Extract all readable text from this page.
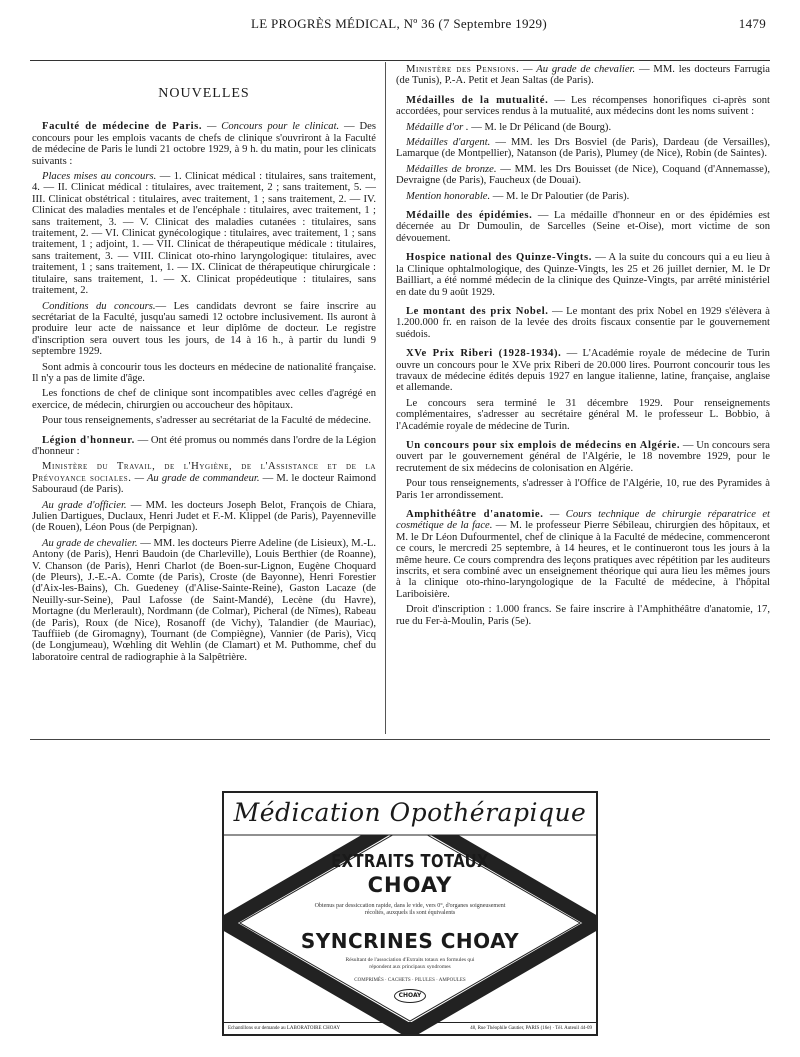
LE PROGRÈS MÉDICAL, Nº 36 (7 Septembre 1929)	1479
NOUVELLES

Faculté de médecine de Paris. — Concours pour le clinicat. — Des concours pour les emplois vacants de chefs de clinique s'ouvriront à la Faculté de médecine de Paris le lundi 21 octobre 1929, à 9 h. du matin, pour les clinicats suivants :

Places mises au concours. — 1. Clinicat médical : titulaires, sans traitement, 4. — II. Clinicat médical : titulaires, avec traitement, 2 ; sans traitement, 5. — III. Clinicat obstétrical : titulaires, avec traitement, 1 ; sans traitement, 2. — IV. Clinicat des maladies mentales et de l'encéphale : titulaires, avec traitement, 1 ; sans traitement, 3. — V. Clinicat des maladies cutanées : titulaires, sans traitement, 2. — VI. Clinicat gynécologique : titulaires, avec traitement, 1 ; sans traitement, 1 ; adjoint, 1. — VII. Clinicat de thérapeutique médicale : titulaires, sans traitement, 3. — VIII. Clinicat oto-rhino laryngologique: titulaires, avec traitement, 1 ; sans traitement, 1. — IX. Clinicat de thérapeutique chirurgicale : titulaire, sans traitement, 1. — X. Clinicat propédeutique : titulaires, sans traitement, 2.

Conditions du concours.— Les candidats devront se faire inscrire au secrétariat de la Faculté, jusqu'au samedi 12 octobre inclusivement. Ils auront à produire leur acte de naissance et leur diplôme de docteur. Le registre d'inscription sera ouvert tous les jours, de 14 à 16 h., à partir du lundi 9 septembre 1929.

Sont admis à concourir tous les docteurs en médecine de nationalité française. Il n'y a pas de limite d'âge.

Les fonctions de chef de clinique sont incompatibles avec celles d'agrégé en exercice, de médecin, chirurgien ou accoucheur des hôpitaux.

Pour tous renseignements, s'adresser au secrétariat de la Faculté de médecine.

Légion d'honneur. — Ont été promus ou nommés dans l'ordre de la Légion d'honneur :

Ministère du Travail, de l'Hygiène, de l'Assistance et de la Prévoyance sociales. — Au grade de commandeur. — M. le docteur Raimond Sabouraud (de Paris).

Au grade d'officier. — MM. les docteurs Joseph Belot, François de Chiara, Julien Dartigues, Duclaux, Henri Judet et F.-M. Klippel (de Paris), Payenneville (de Rouen), Léon Pous (de Perpignan).

Au grade de chevalier. — MM. les docteurs Pierre Adeline (de Lisieux), M.-L. Antony (de Paris), Henri Baudoin (de Charleville), Louis Berthier (de Roanne), V. Chanson (de Paris), Henri Charlot (de Boen-sur-Lignon, Eugène Choquard (de Pleurs), J.-E.-A. Comte (de Paris), Croste (de Bayonne), Henri Forestier (d'Aix-les-Bains), Ch. Guedeney (d'Alise-Sainte-Reine), Gaston Lacaze (de Neuilly-sur-Seine), Paul Lafosse (de Saint-Mandé), Lecène (du Havre), Mortagne (du Merlerault), Nordmann (de Colmar), Picheral (de Nîmes), Rabeau (de Paris), Roux (de Nice), Rosanoff (de Vichy), Talandier (de Mauriac), Tauffiieb (de Giromagny), Tournant (de Compiègne), Vannier (de Paris), Vicq (de Longjumeau), Wœhling dit Wehlin (de Clamart) et M. Puthomme, chef du laboratoire central de radiographie à la Salpêtrière.

Ministère des Pensions. — Au grade de chevalier. — MM. les docteurs Farrugia (de Tunis), P.-A. Petit et Jean Saltas (de Paris).

Médailles de la mutualité. — Les récompenses honorifiques ci-après sont accordées, pour services rendus à la mutualité, aux médecins dont les noms suivent :

Médaille d'or . — M. le Dr Pélicand (de Bourg).

Médailles d'argent. — MM. les Drs Bosviel (de Paris), Dardeau (de Versailles), Lamarque (de Montpellier), Natanson (de Paris), Plumey (de Nice), Robin (de Saintes).

Médailles de bronze. — MM. les Drs Bouisset (de Nice), Coquand (d'Annemasse), Devraigne (de Paris), Faucheux (de Douai).

Mention honorable. — M. le Dr Paloutier (de Paris).

Médaille des épidémies. — La médaille d'honneur en or des épidémies est décernée au Dr Dumoulin, de Sarcelles (Seine et-Oise), mort victime de son dévouement.

Hospice national des Quinze-Vingts. — A la suite du concours qui a eu lieu à la Clinique ophtalmologique, des Quinze-Vingts, les 25 et 26 juillet dernier, M. le Dr Bailliart, a été nommé médecin de la clinique des Quinze-Vingts, par arrêté ministériel en date du 9 août 1929.

Le montant des prix Nobel. — Le montant des prix Nobel en 1929 s'élèvera à 1.200.000 fr. en raison de la levée des droits fiscaux consentie par le gouvernement suédois.

XVe Prix Riberi (1928-1934). — L'Académie royale de médecine de Turin ouvre un concours pour le XVe prix Riberi de 20.000 lires. Pourront concourir tous les travaux de médecine édités depuis 1927 en langue italienne, latine, française, anglaise et allemande.

Le concours sera terminé le 31 décembre 1929. Pour renseignements complémentaires, s'adresser au secrétaire général M. le professeur L. Bobbio, à l'Académie royale de médecine de Turin.

Un concours pour six emplois de médecins en Algérie. — Un concours sera ouvert par le gouvernement général de l'Algérie, le 18 novembre 1929, pour le recrutement de six médecins de colonisation en Algérie.

Pour tous renseignements, s'adresser à l'Office de l'Algérie, 10, rue des Pyramides à Paris 1er arrondissement.

Amphithéâtre d'anatomie. — Cours technique de chirurgie réparatrice et cosmétique de la face. — M. le professeur Pierre Sébileau, chirurgien des hôpitaux, et M. le Dr Léon Dufourmentel, chef de clinique à la Faculté de médecine, commenceront ce cours, le mercredi 25 septembre, à 14 heures, et le continueront tous les jours à la même heure. Ce cours comprendra des leçons pratiques avec répétition par les auditeurs inscrits, et sera combiné avec un enseignement théorique qui aura lieu les mêmes jours à la clinique oto-rhino-laryngologique de la Faculté de médecine, à l'hôpital Lariboisière.

Droit d'inscription : 1.000 francs. Se faire inscrire à l'Amphithéâtre d'anatomie, 17, rue du Fer-à-Moulin, Paris (5e).

Médication Opothérapique
EXTRAITS TOTAUX
CHOAY
Obtenus par dessiccation rapide, dans le vide, vers 0°, d'organes soigneusement récoltés, auxquels ils sont équivalents
SYNCRINES CHOAY
Résultant de l'association d'Extraits totaux en formules qui répondent aux principaux syndromes
COMPRIMÉS · CACHETS · PILULES · AMPOULES
CHOAY
Echantillons sur demande au LABORATOIRE CHOAY	48, Rue Théophile Gautier, PARIS (16e) · Tél. Auteuil 44-09
